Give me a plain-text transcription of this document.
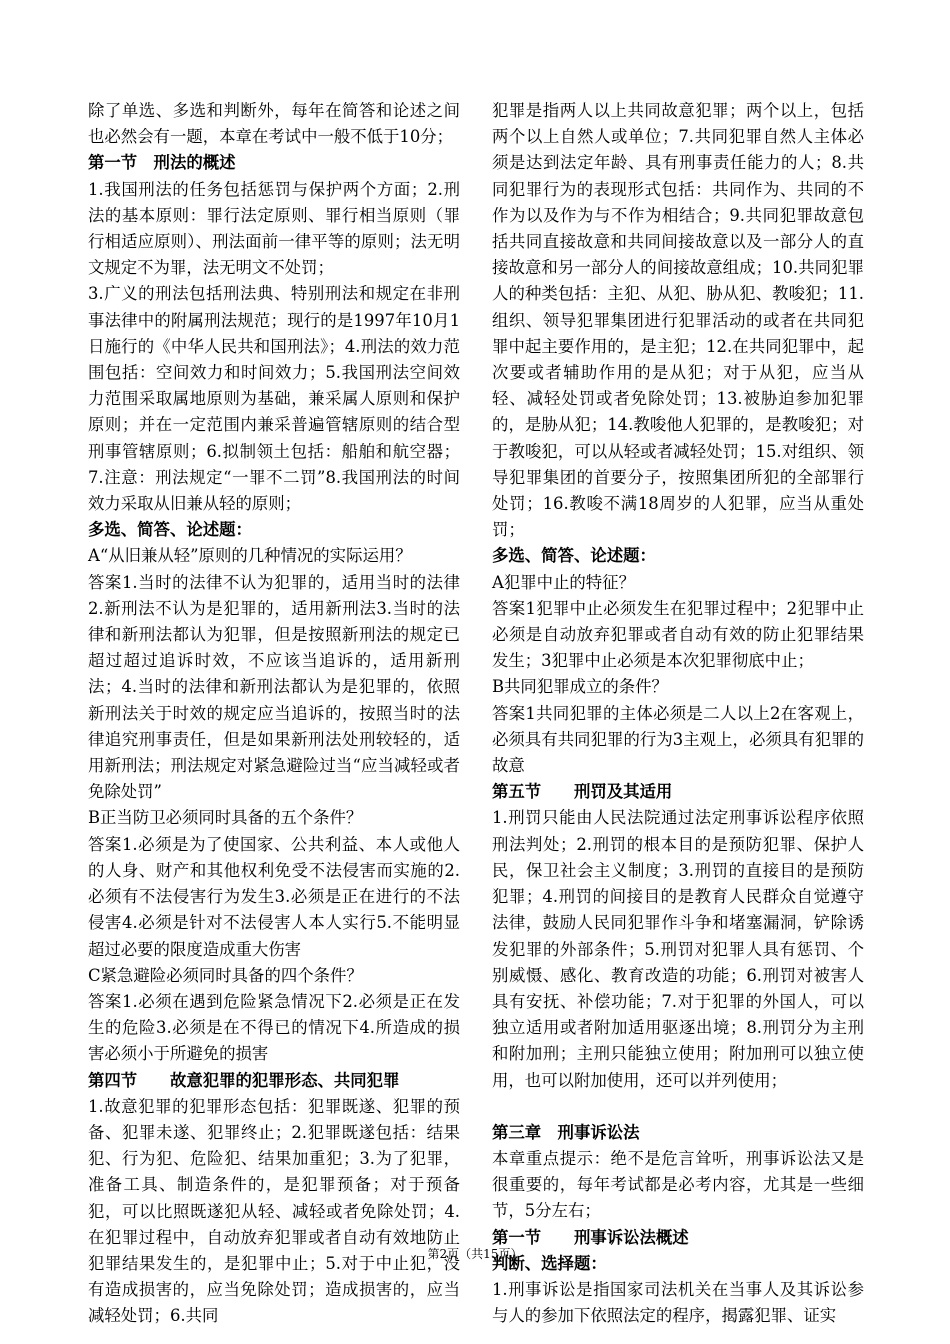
除了单选、多选和判断外，每年在简答和论述之间也必然会有一题，本章在考试中一般不低于10分；

第一节　刑法的概述

1.我国刑法的任务包括惩罚与保护两个方面；2.刑法的基本原则：罪行法定原则、罪行相当原则（罪行相适应原则）、刑法面前一律平等的原则；法无明文规定不为罪，法无明文不处罚；

3.广义的刑法包括刑法典、特别刑法和规定在非刑事法律中的附属刑法规范；现行的是1997年10月1日施行的《中华人民共和国刑法》；4.刑法的效力范围包括：空间效力和时间效力；5.我国刑法空间效力范围采取属地原则为基础，兼采属人原则和保护原则；并在一定范围内兼采普遍管辖原则的结合型刑事管辖原则；6.拟制领土包括：船舶和航空器；7.注意：刑法规定“一罪不二罚”8.我国刑法的时间效力采取从旧兼从轻的原则；

多选、简答、论述题：

A“从旧兼从轻”原则的几种情况的实际运用？

答案1.当时的法律不认为犯罪的，适用当时的法律2.新刑法不认为是犯罪的，适用新刑法3.当时的法律和新刑法都认为犯罪，但是按照新刑法的规定已超过超过追诉时效，不应该当追诉的，适用新刑法；4.当时的法律和新刑法都认为是犯罪的，依照新刑法关于时效的规定应当追诉的，按照当时的法律追究刑事责任，但是如果新刑法处刑较轻的，适用新刑法；刑法规定对紧急避险过当“应当减轻或者免除处罚”

B正当防卫必须同时具备的五个条件？

答案1.必须是为了使国家、公共利益、本人或他人的人身、财产和其他权利免受不法侵害而实施的2.必须有不法侵害行为发生3.必须是正在进行的不法侵害4.必须是针对不法侵害人本人实行5.不能明显超过必要的限度造成重大伤害

C紧急避险必须同时具备的四个条件？

答案1.必须在遇到危险紧急情况下2.必须是正在发生的危险3.必须是在不得已的情况下4.所造成的损害必须小于所避免的损害

第四节　　故意犯罪的犯罪形态、共同犯罪

1.故意犯罪的犯罪形态包括：犯罪既遂、犯罪的预备、犯罪未遂、犯罪终止；2.犯罪既遂包括：结果犯、行为犯、危险犯、结果加重犯；3.为了犯罪，准备工具、制造条件的，是犯罪预备；对于预备犯，可以比照既遂犯从轻、减轻或者免除处罚；4.在犯罪过程中，自动放弃犯罪或者自动有效地防止犯罪结果发生的，是犯罪中止；5.对于中止犯，没有造成损害的，应当免除处罚；造成损害的，应当减轻处罚；6.共同

犯罪是指两人以上共同故意犯罪；两个以上，包括两个以上自然人或单位；7.共同犯罪自然人主体必须是达到法定年龄、具有刑事责任能力的人；8.共同犯罪行为的表现形式包括：共同作为、共同的不作为以及作为与不作为相结合；9.共同犯罪故意包括共同直接故意和共同间接故意以及一部分人的直接故意和另一部分人的间接故意组成；10.共同犯罪人的种类包括：主犯、从犯、胁从犯、教唆犯；11.组织、领导犯罪集团进行犯罪活动的或者在共同犯罪中起主要作用的，是主犯；12.在共同犯罪中，起次要或者辅助作用的是从犯；对于从犯，应当从轻、减轻处罚或者免除处罚；13.被胁迫参加犯罪的，是胁从犯；14.教唆他人犯罪的，是教唆犯；对于教唆犯，可以从轻或者减轻处罚；15.对组织、领导犯罪集团的首要分子，按照集团所犯的全部罪行处罚；16.教唆不满18周岁的人犯罪，应当从重处罚；

多选、简答、论述题：

A犯罪中止的特征？

答案1犯罪中止必须发生在犯罪过程中；2犯罪中止必须是自动放弃犯罪或者自动有效的防止犯罪结果发生；3犯罪中止必须是本次犯罪彻底中止；

B共同犯罪成立的条件？

答案1共同犯罪的主体必须是二人以上2在客观上，必须具有共同犯罪的行为3主观上，必须具有犯罪的故意

第五节　　刑罚及其适用

1.刑罚只能由人民法院通过法定刑事诉讼程序依照刑法判处；2.刑罚的根本目的是预防犯罪、保护人民，保卫社会主义制度；3.刑罚的直接目的是预防犯罪；4.刑罚的间接目的是教育人民群众自觉遵守法律，鼓励人民同犯罪作斗争和堵塞漏洞，铲除诱发犯罪的外部条件；5.刑罚对犯罪人具有惩罚、个别威慑、感化、教育改造的功能；6.刑罚对被害人具有安抚、补偿功能；7.对于犯罪的外国人，可以独立适用或者附加适用驱逐出境；8.刑罚分为主刑和附加刑；主刑只能独立使用；附加刑可以独立使用，也可以附加使用，还可以并列使用；

第三章　刑事诉讼法

本章重点提示：绝不是危言耸听，刑事诉讼法又是很重要的，每年考试都是必考内容，尤其是一些细节，5分左右；

第一节　　刑事诉讼法概述

判断、选择题：

1.刑事诉讼是指国家司法机关在当事人及其诉讼参与人的参加下依照法定的程序，揭露犯罪、证实

第2页（共15页）
